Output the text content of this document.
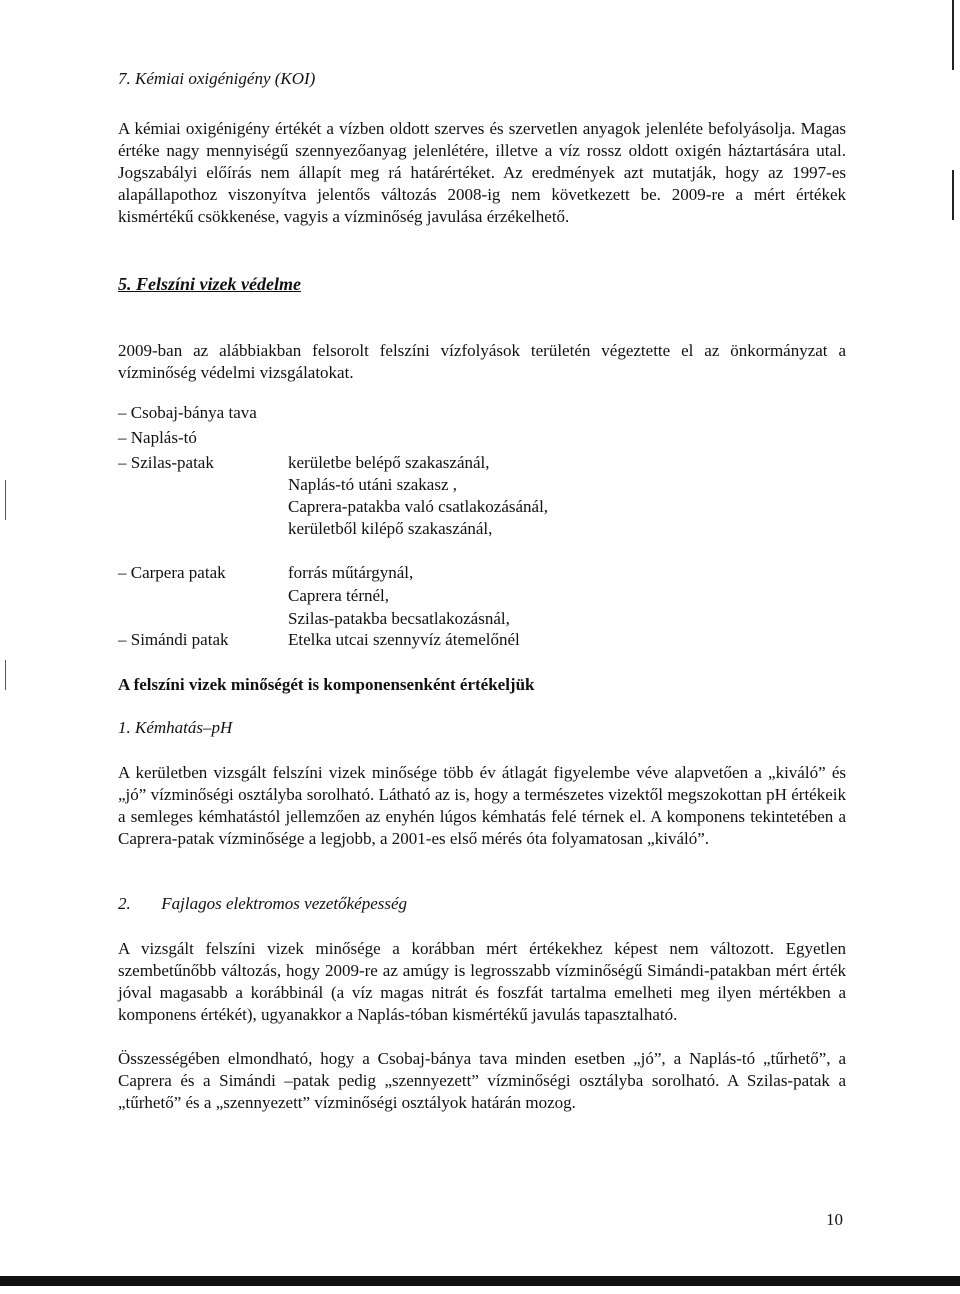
7. Kémiai oxigénigény (KOI)

A kémiai oxigénigény értékét a vízben oldott szerves és szervetlen anyagok jelenléte befolyásolja. Magas értéke nagy mennyiségű szennyezőanyag jelenlétére, illetve a víz rossz oldott oxigén háztartására utal. Jogszabályi előírás nem állapít meg rá határértéket. Az eredmények azt mutatják, hogy az 1997-es alapállapothoz viszonyítva jelentős változás 2008-ig nem következett be. 2009-re a mért értékek kismértékű csökkenése, vagyis a vízminőség javulása érzékelhető.

5. Felszíni vizek védelme

2009-ban az alábbiakban felsorolt felszíni vízfolyások területén végeztette el az önkormányzat a vízminőség védelmi vizsgálatokat.

– Csobaj-bánya tava
– Naplás-tó
– Szilas-patak	kerületbe belépő szakaszánál,
Naplás-tó utáni szakasz ,
Caprera-patakba való csatlakozásánál,
kerületből kilépő szakaszánál,
– Carpera patak	forrás műtárgynál,
Caprera térnél,
Szilas-patakba becsatlakozásnál,
– Simándi patak	Etelka utcai szennyvíz átemelőnél

A felszíni vizek minőségét is komponensenként értékeljük

1. Kémhatás–pH

A kerületben vizsgált felszíni vizek minősége több év átlagát figyelembe véve alapvetően a „kiváló” és „jó” vízminőségi osztályba sorolható. Látható az is, hogy a természetes vizektől megszokottan pH értékeik a semleges kémhatástól jellemzően az enyhén lúgos kémhatás felé térnek el. A komponens tekintetében a Caprera-patak vízminősége a legjobb, a 2001-es első mérés óta folyamatosan „kiváló”.

2. Fajlagos elektromos vezetőképesség

A vizsgált felszíni vizek minősége a korábban mért értékekhez képest nem változott. Egyetlen szembetűnőbb változás, hogy 2009-re az amúgy is legrosszabb vízminőségű Simándi-patakban mért érték jóval magasabb a korábbinál (a víz magas nitrát és foszfát tartalma emelheti meg ilyen mértékben a komponens értékét), ugyanakkor a Naplás-tóban kismértékű javulás tapasztalható.

Összességében elmondható, hogy a Csobaj-bánya tava minden esetben „jó”, a Naplás-tó „tűrhető”, a Caprera és a Simándi –patak pedig „szennyezett” vízminőségi osztályba sorolható. A Szilas-patak a „tűrhető” és a „szennyezett” vízminőségi osztályok határán mozog.

10
